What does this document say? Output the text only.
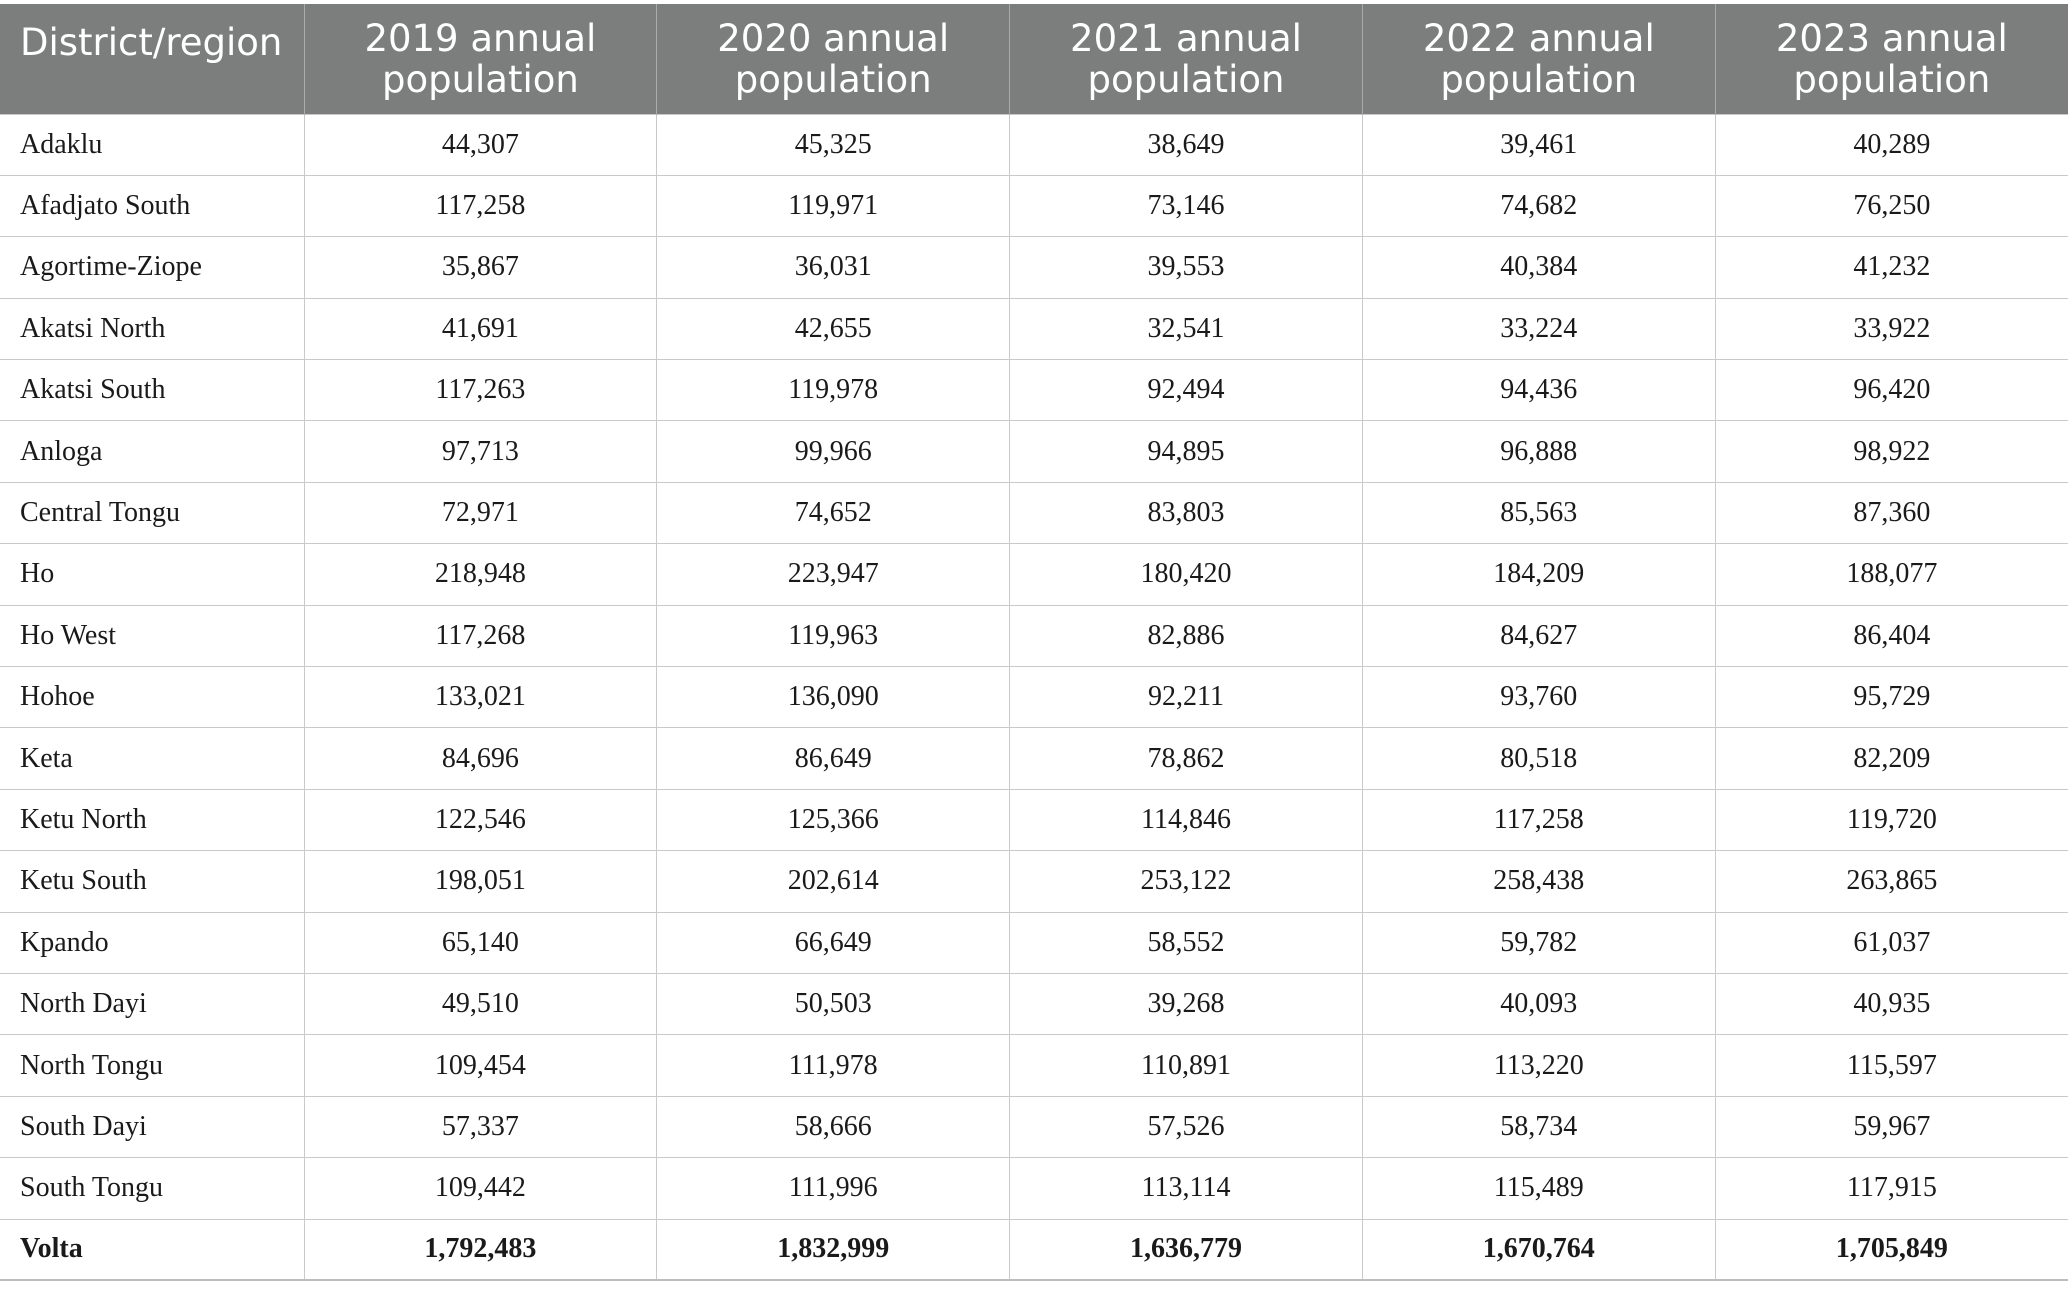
District/region	2019 annual population	2020 annual population	2021 annual population	2022 annual population	2023 annual population
Adaklu	44,307	45,325	38,649	39,461	40,289
Afadjato South	117,258	119,971	73,146	74,682	76,250
Agortime-Ziope	35,867	36,031	39,553	40,384	41,232
Akatsi North	41,691	42,655	32,541	33,224	33,922
Akatsi South	117,263	119,978	92,494	94,436	96,420
Anloga	97,713	99,966	94,895	96,888	98,922
Central Tongu	72,971	74,652	83,803	85,563	87,360
Ho	218,948	223,947	180,420	184,209	188,077
Ho West	117,268	119,963	82,886	84,627	86,404
Hohoe	133,021	136,090	92,211	93,760	95,729
Keta	84,696	86,649	78,862	80,518	82,209
Ketu North	122,546	125,366	114,846	117,258	119,720
Ketu South	198,051	202,614	253,122	258,438	263,865
Kpando	65,140	66,649	58,552	59,782	61,037
North Dayi	49,510	50,503	39,268	40,093	40,935
North Tongu	109,454	111,978	110,891	113,220	115,597
South Dayi	57,337	58,666	57,526	58,734	59,967
South Tongu	109,442	111,996	113,114	115,489	117,915
Volta	1,792,483	1,832,999	1,636,779	1,670,764	1,705,849
